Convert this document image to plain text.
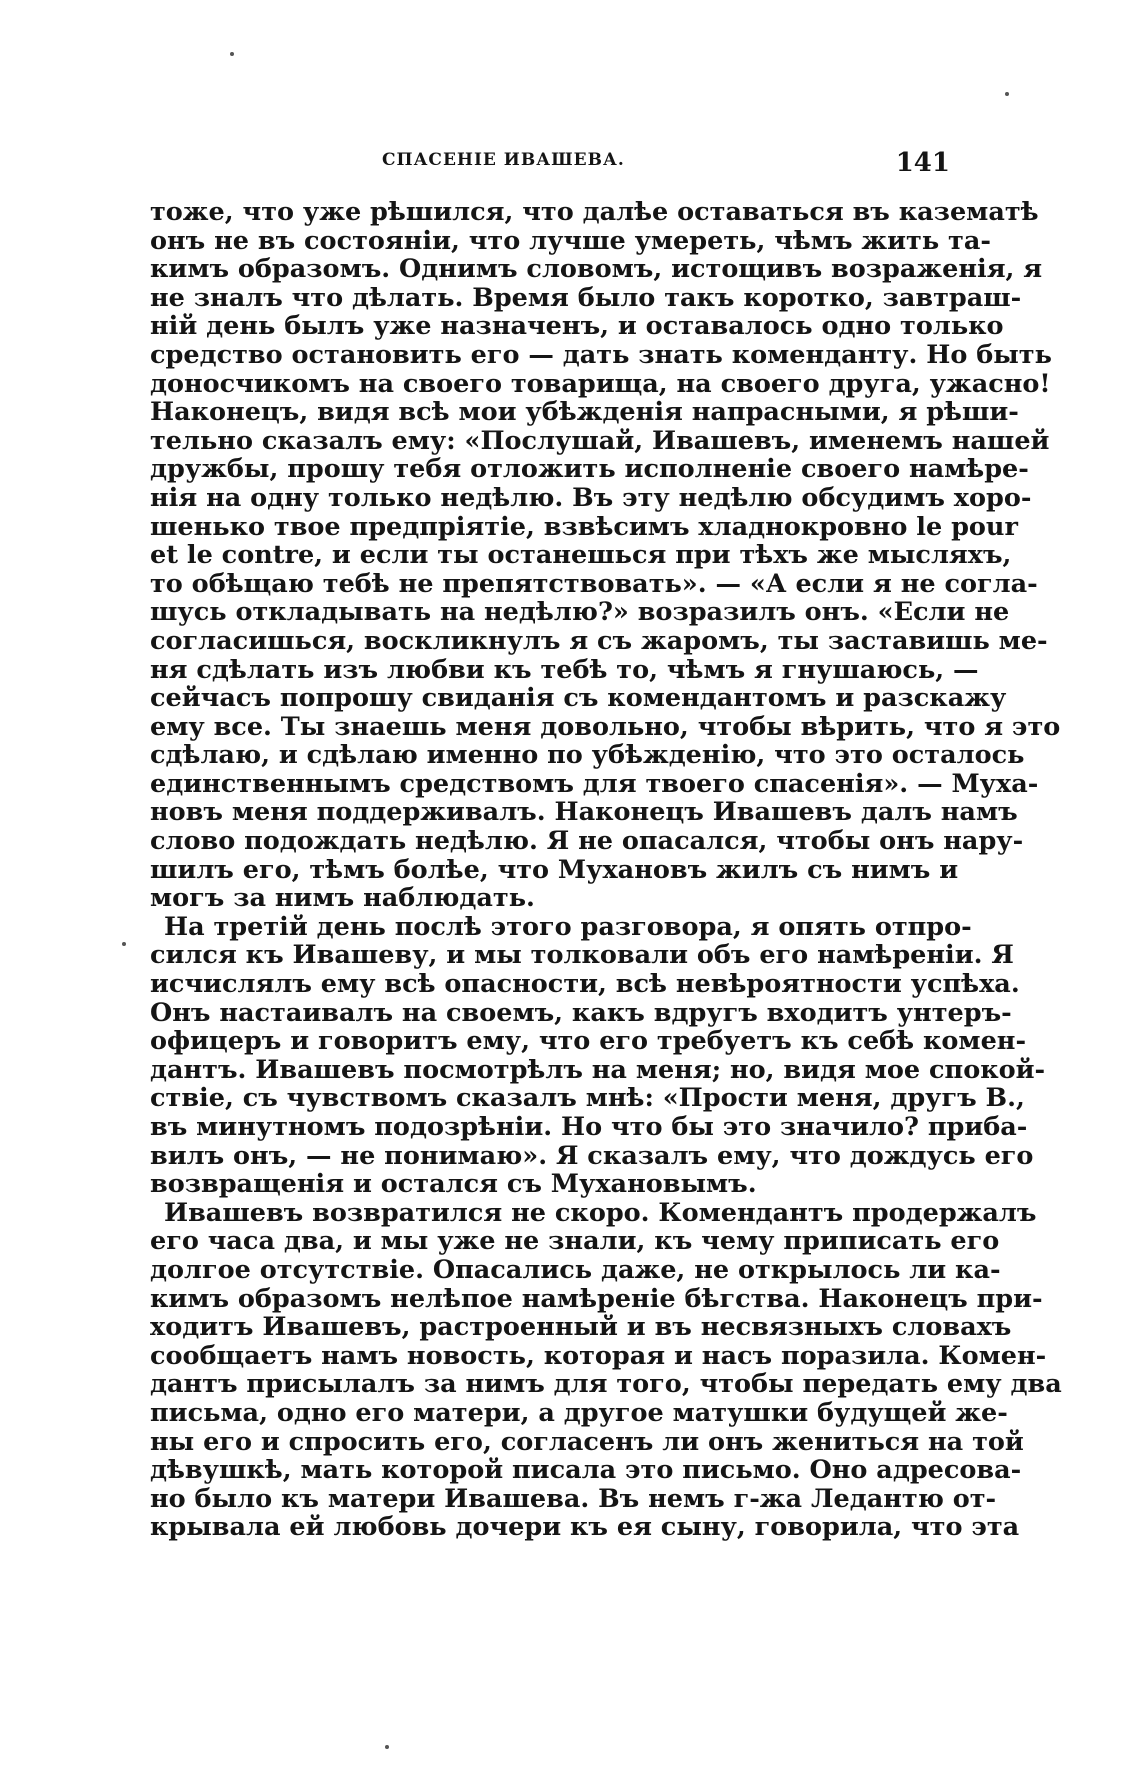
СПАСЕНІЕ ИВАШЕВА.	141
тоже, что уже рѣшился, что далѣе оставаться въ казематѣ
онъ не въ состояніи, что лучше умереть, чѣмъ жить та-
кимъ образомъ. Однимъ словомъ, истощивъ возраженія, я
не зналъ что дѣлать. Время было такъ коротко, завтраш-
ній день былъ уже назначенъ, и оставалось одно только
средство остановить его — дать знать коменданту. Но быть
доносчикомъ на своего товарища, на своего друга, ужасно!
Наконецъ, видя всѣ мои убѣжденія напрасными, я рѣши-
тельно сказалъ ему: «Послушай, Ивашевъ, именемъ нашей
дружбы, прошу тебя отложить исполненіе своего намѣре-
нія на одну только недѣлю. Въ эту недѣлю обсудимъ хоро-
шенько твое предпріятіе, взвѣсимъ хладнокровно le pour
et le contre, и если ты останешься при тѣхъ же мысляхъ,
то обѣщаю тебѣ не препятствовать». — «А если я не согла-
шусь откладывать на недѣлю?» возразилъ онъ. «Если не
согласишься, воскликнулъ я съ жаромъ, ты заставишь ме-
ня сдѣлать изъ любви къ тебѣ то, чѣмъ я гнушаюсь, —
сейчасъ попрошу свиданія съ комендантомъ и разскажу
ему все. Ты знаешь меня довольно, чтобы вѣрить, что я это
сдѣлаю, и сдѣлаю именно по убѣжденію, что это осталось
единственнымъ средствомъ для твоего спасенія». — Муха-
новъ меня поддерживалъ. Наконецъ Ивашевъ далъ намъ
слово подождать недѣлю. Я не опасался, чтобы онъ нару-
шилъ его, тѣмъ болѣе, что Мухановъ жилъ съ нимъ и
могъ за нимъ наблюдать.
На третій день послѣ этого разговора, я опять отпро-
сился къ Ивашеву, и мы толковали объ его намѣреніи. Я
исчислялъ ему всѣ опасности, всѣ невѣроятности успѣха.
Онъ настаивалъ на своемъ, какъ вдругъ входитъ унтеръ-
офицеръ и говоритъ ему, что его требуетъ къ себѣ комен-
дантъ. Ивашевъ посмотрѣлъ на меня; но, видя мое спокой-
ствіе, съ чувствомъ сказалъ мнѣ: «Прости меня, другъ В.,
въ минутномъ подозрѣніи. Но что бы это значило? приба-
вилъ онъ, — не понимаю». Я сказалъ ему, что дождусь его
возвращенія и остался съ Мухановымъ.
Ивашевъ возвратился не скоро. Комендантъ продержалъ
его часа два, и мы уже не знали, къ чему приписать его
долгое отсутствіе. Опасались даже, не открылось ли ка-
кимъ образомъ нелѣпое намѣреніе бѣгства. Наконецъ при-
ходитъ Ивашевъ, растроенный и въ несвязныхъ словахъ
сообщаетъ намъ новость, которая и насъ поразила. Комен-
дантъ присылалъ за нимъ для того, чтобы передать ему два
письма, одно его матери, а другое матушки будущей же-
ны его и спросить его, согласенъ ли онъ жениться на той
дѣвушкѣ, мать которой писала это письмо. Оно адресова-
но было къ матери Ивашева. Въ немъ г-жа Ледантю от-
крывала ей любовь дочери къ ея сыну, говорила, что эта
